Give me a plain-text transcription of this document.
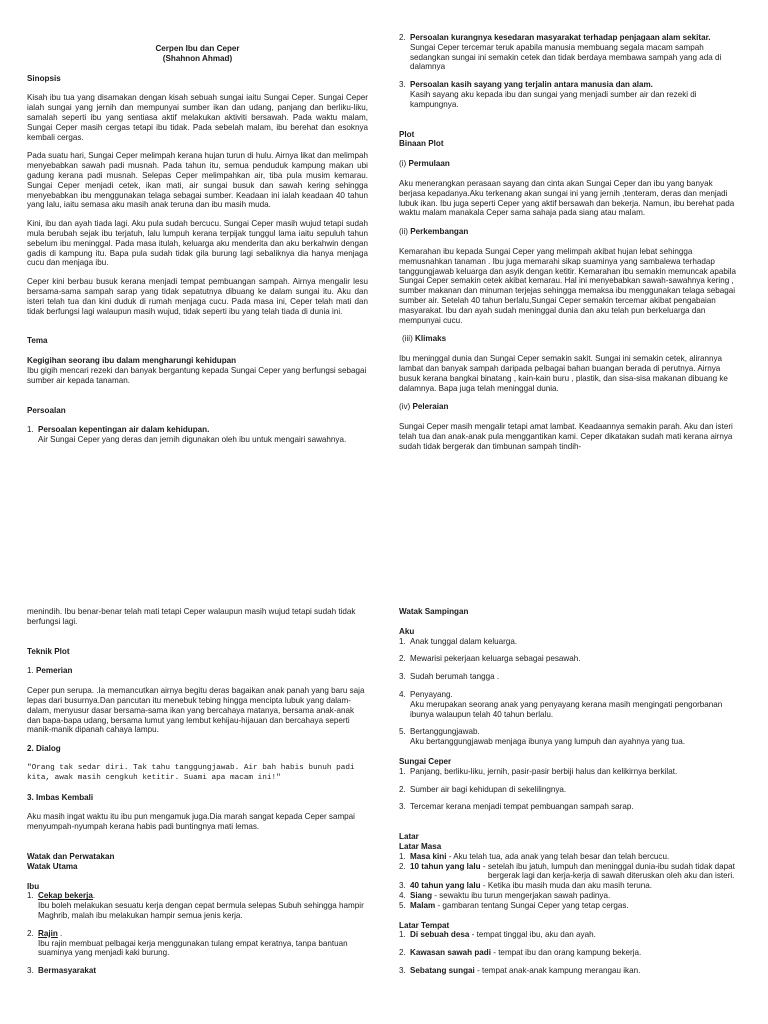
Cerpen Ibu dan Ceper
(Shahnon Ahmad)
Sinopsis

Kisah ibu tua yang disamakan dengan kisah sebuah sungai iaitu Sungai Ceper. Sungai Ceper ialah sungai yang jernih dan mempunyai sumber ikan dan udang, panjang dan berliku-liku, samalah seperti ibu yang sentiasa aktif melakukan aktiviti bersawah. Pada waktu malam, Sungai Ceper masih cergas tetapi ibu tidak. Pada sebelah malam, ibu berehat dan esoknya kembali cergas.

Pada suatu hari, Sungai Ceper melimpah kerana hujan turun di hulu. Airnya likat dan melimpah menyebabkan sawah padi musnah. Pada tahun itu, semua penduduk kampung makan ubi gadung kerana padi musnah. Selepas Ceper melimpahkan air, tiba pula musim kemarau. Sungai Ceper menjadi cetek, ikan mati, air sungai busuk dan sawah kering sehingga menyebabkan ibu menggunakan telaga sebagai sumber. Keadaan ini ialah keadaan 40 tahun yang lalu, iaitu semasa aku masih anak teruna dan ibu masih muda.

Kini, ibu dan ayah tiada lagi. Aku pula sudah bercucu. Sungai Ceper masih wujud tetapi sudah mula berubah sejak ibu terjatuh, lalu lumpuh kerana terpijak tunggul lama iaitu sepuluh tahun sebelum ibu meninggal. Pada masa itulah, keluarga aku menderita dan aku berkahwin dengan gadis di kampung itu. Bapa pula sudah tidak gila burung lagi sebaliknya dia hanya menjaga cucu dan menjaga ibu.

Ceper kini berbau busuk kerana menjadi tempat pembuangan sampah. Airnya mengalir lesu bersama-sama sampah sarap yang tidak sepatutnya dibuang ke dalam sungai itu. Aku dan isteri telah tua dan kini duduk di rumah menjaga cucu. Pada masa ini, Ceper telah mati dan tidak berfungsi lagi walaupun masih wujud, tidak seperti ibu yang telah tiada di dunia ini.

Tema
Kegigihan seorang ibu dalam mengharungi kehidupan

Ibu gigih mencari rezeki dan banyak bergantung kepada Sungai Ceper yang berfungsi sebagai sumber air kepada tanaman.

Persoalan
1. Persoalan kepentingan air dalam kehidupan.
Air Sungai Ceper yang deras dan jernih digunakan oleh ibu untuk mengairi sawahnya.
2. Persoalan kurangnya kesedaran masyarakat terhadap penjagaan alam sekitar.
Sungai Ceper tercemar teruk apabila manusia membuang segala macam sampah sedangkan sungai ini semakin cetek dan tidak berdaya membawa sampah yang ada di dalamnya
3. Persoalan kasih sayang yang terjalin antara manusia dan alam.
Kasih sayang aku kepada ibu dan sungai yang menjadi sumber air dan rezeki di kampungnya.
Plot
Binaan Plot
(i) Permulaan

Aku menerangkan perasaan sayang dan cinta akan Sungai Ceper dan ibu yang banyak berjasa kepadanya.Aku terkenang akan sungai ini yang jernih ,tenteram, deras dan menjadi lubuk ikan. Ibu juga seperti Ceper yang aktif bersawah dan bekerja. Namun, ibu berehat pada waktu malam manakala Ceper sama sahaja pada siang atau malam.

(ii) Perkembangan

Kemarahan ibu kepada Sungai Ceper yang melimpah akibat hujan lebat sehingga memusnahkan tanaman . Ibu juga memarahi sikap suaminya yang sambalewa terhadap tanggungjawab keluarga dan asyik dengan ketitir. Kemarahan ibu semakin memuncak apabila Sungai Ceper semakin cetek akibat kemarau. Hal ini menyebabkan sawah-sawahnya kering , sumber makanan dan minuman terjejas sehingga memaksa ibu menggunakan telaga sebagai sumber air. Setelah 40 tahun berlalu,Sungai Ceper semakin tercemar akibat pengabaian masyarakat. Ibu dan ayah sudah meninggal dunia dan aku telah pun berkeluarga dan mempunyai cucu.

(iii) Klimaks

Ibu meninggal dunia dan Sungai Ceper semakin sakit. Sungai ini semakin cetek, alirannya lambat dan banyak sampah daripada pelbagai bahan buangan berada di perutnya. Airnya busuk kerana bangkai binatang , kain-kain buru , plastik, dan sisa-sisa makanan dibuang ke dalamnya. Bapa juga telah meninggal dunia.

(iv) Peleraian

Sungai Ceper masih mengalir tetapi amat lambat. Keadaannya semakin parah. Aku dan isteri telah tua dan anak-anak pula menggantikan kami. Ceper dikatakan sudah mati kerana airnya sudah tidak bergerak dan timbunan sampah tindih-

menindih. Ibu benar-benar telah mati tetapi Ceper walaupun masih wujud tetapi sudah tidak berfungsi lagi.

Teknik Plot
1. Pemerian

Ceper pun serupa. .Ia memancutkan airnya begitu deras bagaikan anak panah yang baru saja lepas dari busurnya.Dan pancutan itu menebuk tebing hingga mencipta lubuk yang dalam-dalam, menyusur dasar bersama-sama ikan yang bercahaya matanya, bersama anak-anak dan bapa-bapa udang, bersama lumut yang lembut kehijau-hijauan dan bercahaya seperti manik-manik dipanah cahaya lampu.

2. Dialog

"Orang tak sedar diri. Tak tahu tanggungjawab. Air bah habis bunuh padi kita, awak masih cengkuh ketitir. Suami apa macam ini!"

3. Imbas Kembali

Aku masih ingat waktu itu ibu pun mengamuk juga.Dia marah sangat kepada Ceper sampai menyumpah-nyumpah kerana habis padi buntingnya mati lemas.

Watak dan Perwatakan
Watak Utama
Ibu
1. Cekap bekerja.
Ibu boleh melakukan sesuatu kerja dengan cepat bermula selepas Subuh sehingga hampir Maghrib, malah ibu melakukan hampir semua jenis kerja.
2. Rajin .
Ibu rajin membuat pelbagai kerja menggunakan tulang empat keratnya, tanpa bantuan suaminya yang menjadi kaki burung.
3. Bermasyarakat
Watak Sampingan
Aku
1. Anak tunggal dalam keluarga.
2. Mewarisi pekerjaan keluarga sebagai pesawah.
3. Sudah berumah tangga .
4. Penyayang.
Aku merupakan seorang anak yang penyayang kerana masih mengingati pengorbanan ibunya walaupun telah 40 tahun berlalu.
5. Bertanggungjawab.
Aku bertanggungjawab menjaga ibunya yang lumpuh dan ayahnya yang tua.
Sungai Ceper
1. Panjang, berliku-liku, jernih, pasir-pasir berbiji halus dan kelikirnya berkilat.
2. Sumber air bagi kehidupan di sekelilingnya.
3. Tercemar kerana menjadi tempat pembuangan sampah sarap.
Latar
Latar Masa
1. Masa kini - Aku telah tua, ada anak yang telah besar dan telah bercucu.
2. 10 tahun yang lalu - setelah ibu jatuh, lumpuh dan meninggal dunia-ibu sudah tidak dapat bergerak lagi dan kerja-kerja di sawah diteruskan oleh aku dan isteri.
3. 40 tahun yang lalu - Ketika ibu masih muda dan aku masih teruna.
4. Siang - sewaktu ibu turun mengerjakan sawah padinya.
5. Malam - gambaran tentang Sungai Ceper yang tetap cergas.
Latar Tempat
1. Di sebuah desa - tempat tinggal ibu, aku dan ayah.
2. Kawasan sawah padi - tempat ibu dan orang kampung bekerja.
3. Sebatang sungai - tempat anak-anak kampung merangau ikan.
